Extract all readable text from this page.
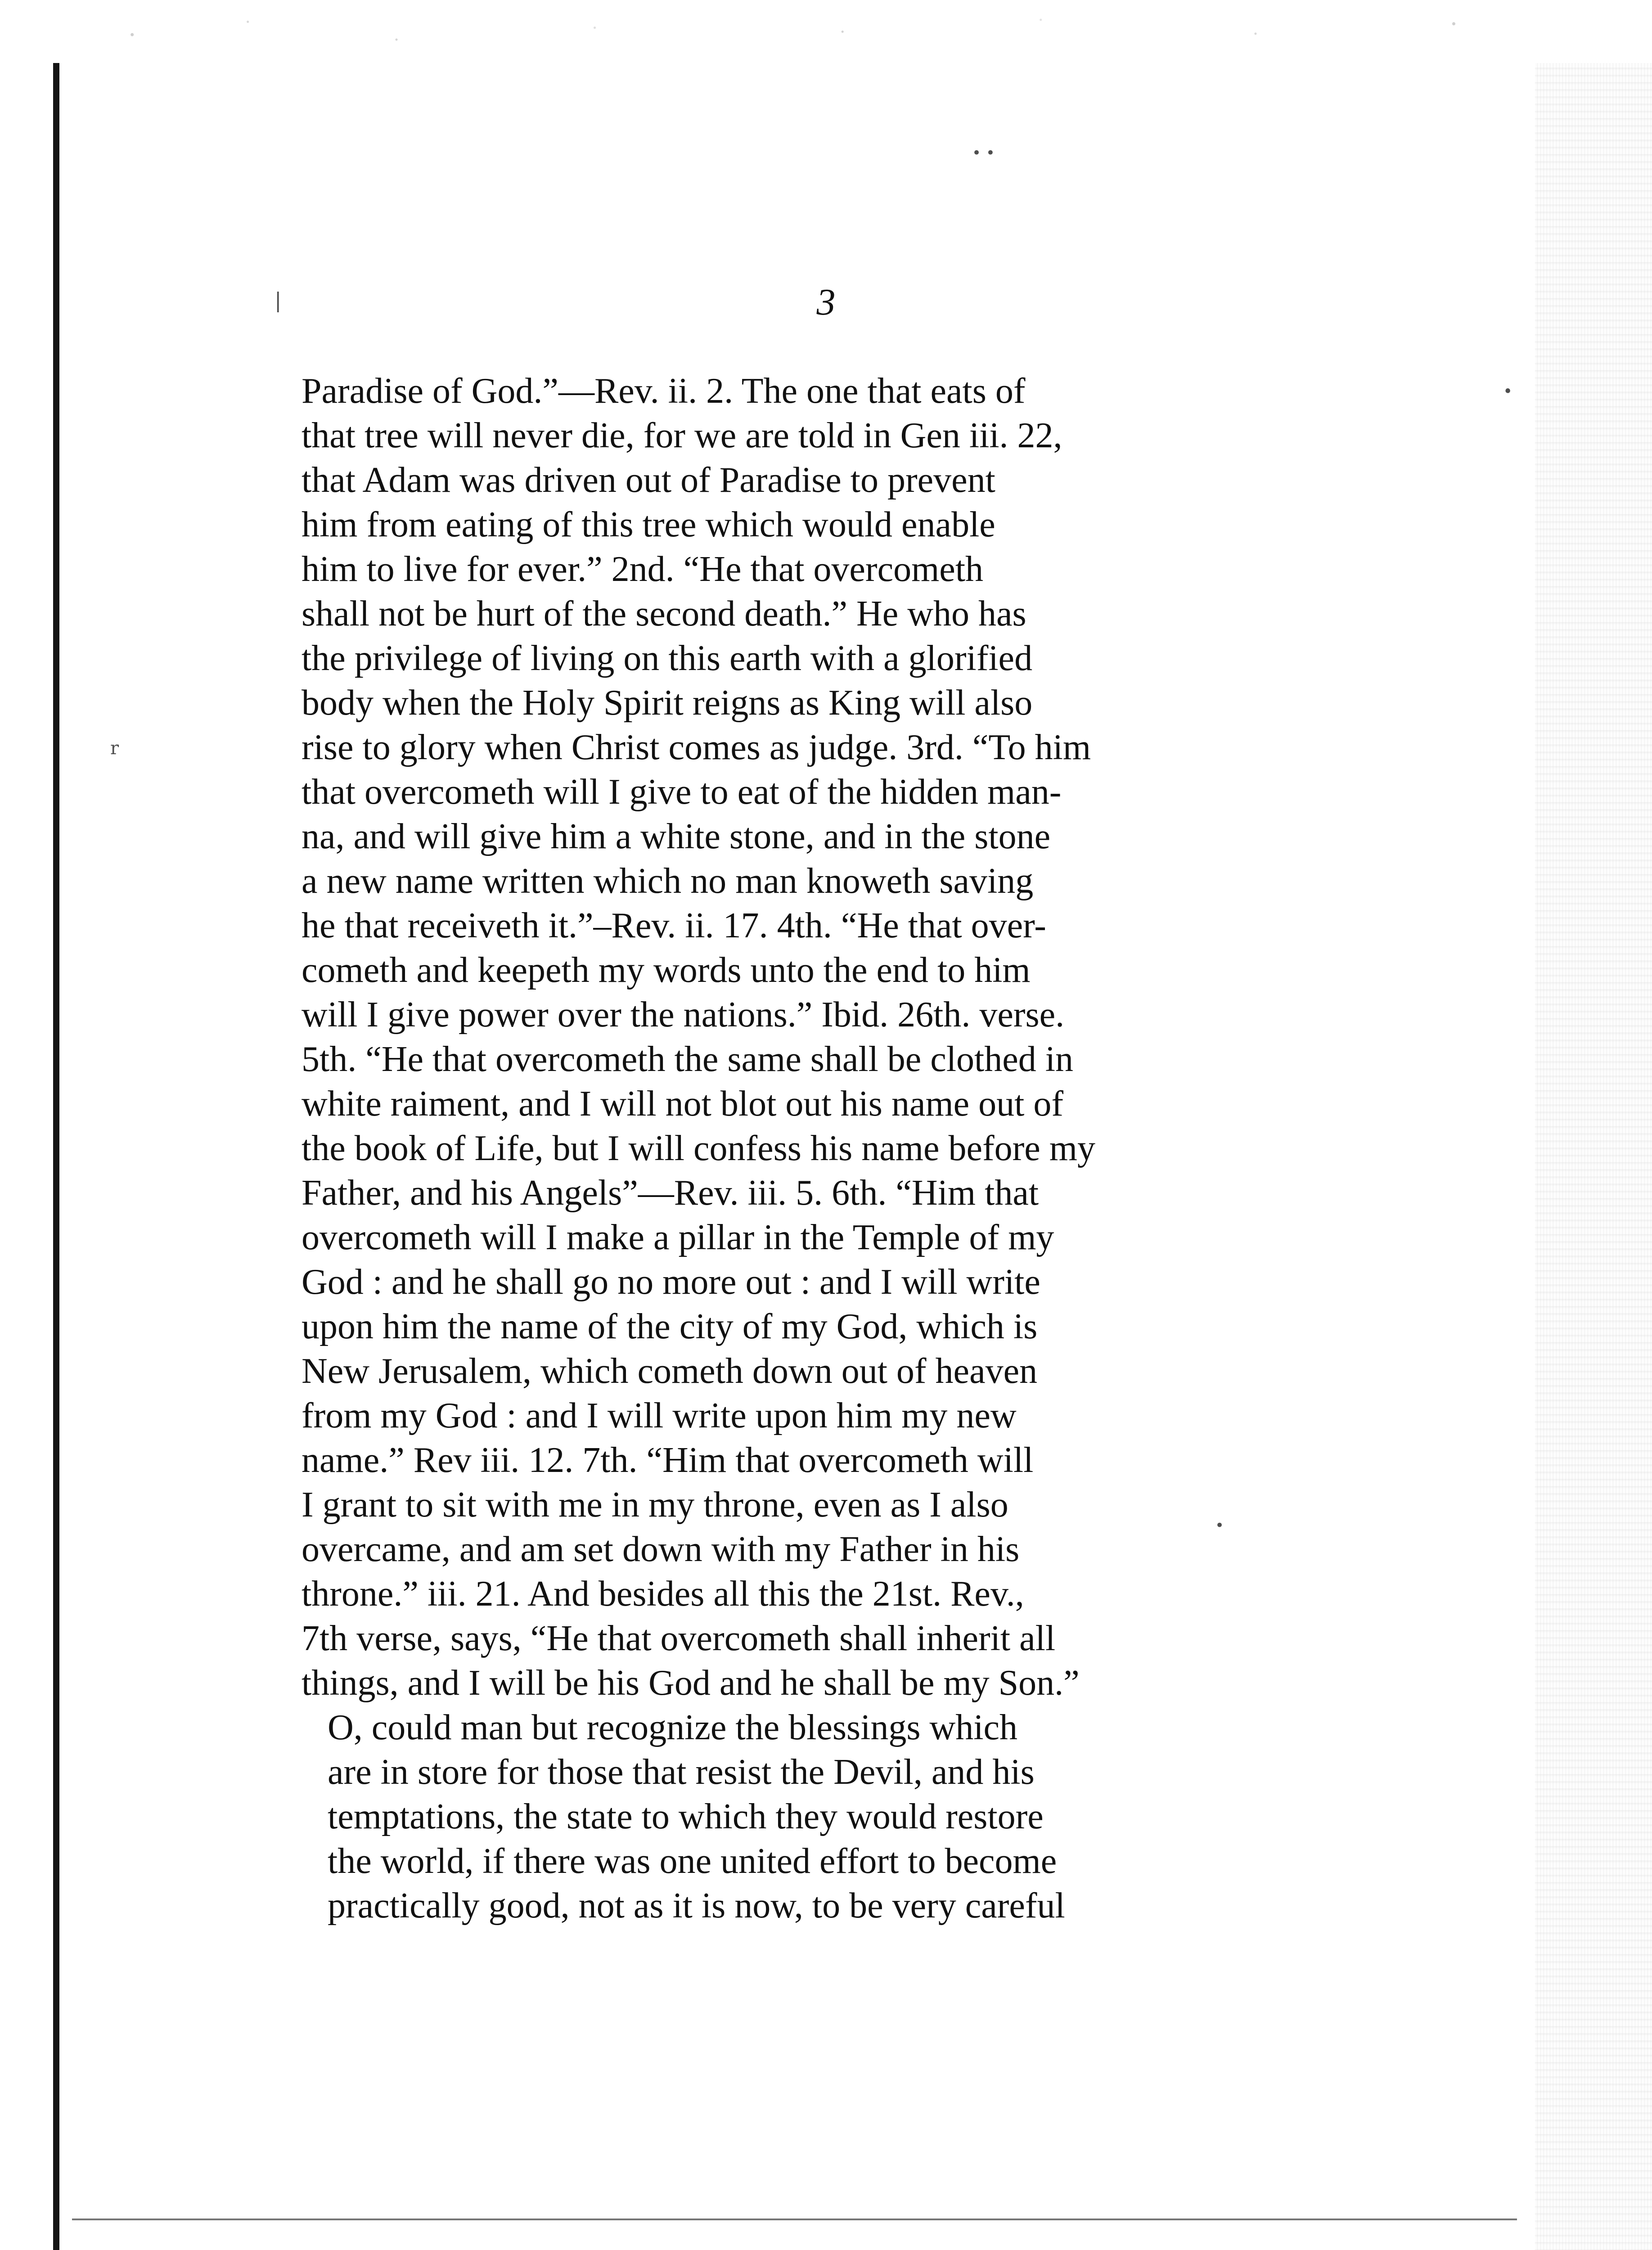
3
Paradise of God.”—Rev. ii. 2. The one that eats of
that tree will never die, for we are told in Gen iii. 22,
that Adam was driven out of Paradise to prevent
him from eating of this tree which would enable
him to live for ever.” 2nd. “He that overcometh
shall not be hurt of the second death.” He who has
the privilege of living on this earth with a glorified
body when the Holy Spirit reigns as King will also
rise to glory when Christ comes as judge. 3rd. “To him
that overcometh will I give to eat of the hidden man-
na, and will give him a white stone, and in the stone
a new name written which no man knoweth saving
he that receiveth it.”–Rev. ii. 17. 4th. “He that over-
cometh and keepeth my words unto the end to him
will I give power over the nations.” Ibid. 26th. verse.
5th. “He that overcometh the same shall be clothed in
white raiment, and I will not blot out his name out of
the book of Life, but I will confess his name before my
Father, and his Angels”—Rev. iii. 5. 6th. “Him that
overcometh will I make a pillar in the Temple of my
God : and he shall go no more out : and I will write
upon him the name of the city of my God, which is
New Jerusalem, which cometh down out of heaven
from my God : and I will write upon him my new
name.” Rev iii. 12. 7th. “Him that overcometh will
I grant to sit with me in my throne, even as I also
overcame, and am set down with my Father in his
throne.” iii. 21. And besides all this the 21st. Rev.,
7th verse, says, “He that overcometh shall inherit all
things, and I will be his God and he shall be my Son.”
O, could man but recognize the blessings which
are in store for those that resist the Devil, and his
temptations, the state to which they would restore
the world, if there was one united effort to become
practically good, not as it is now, to be very careful
|
r
• •
•
•
